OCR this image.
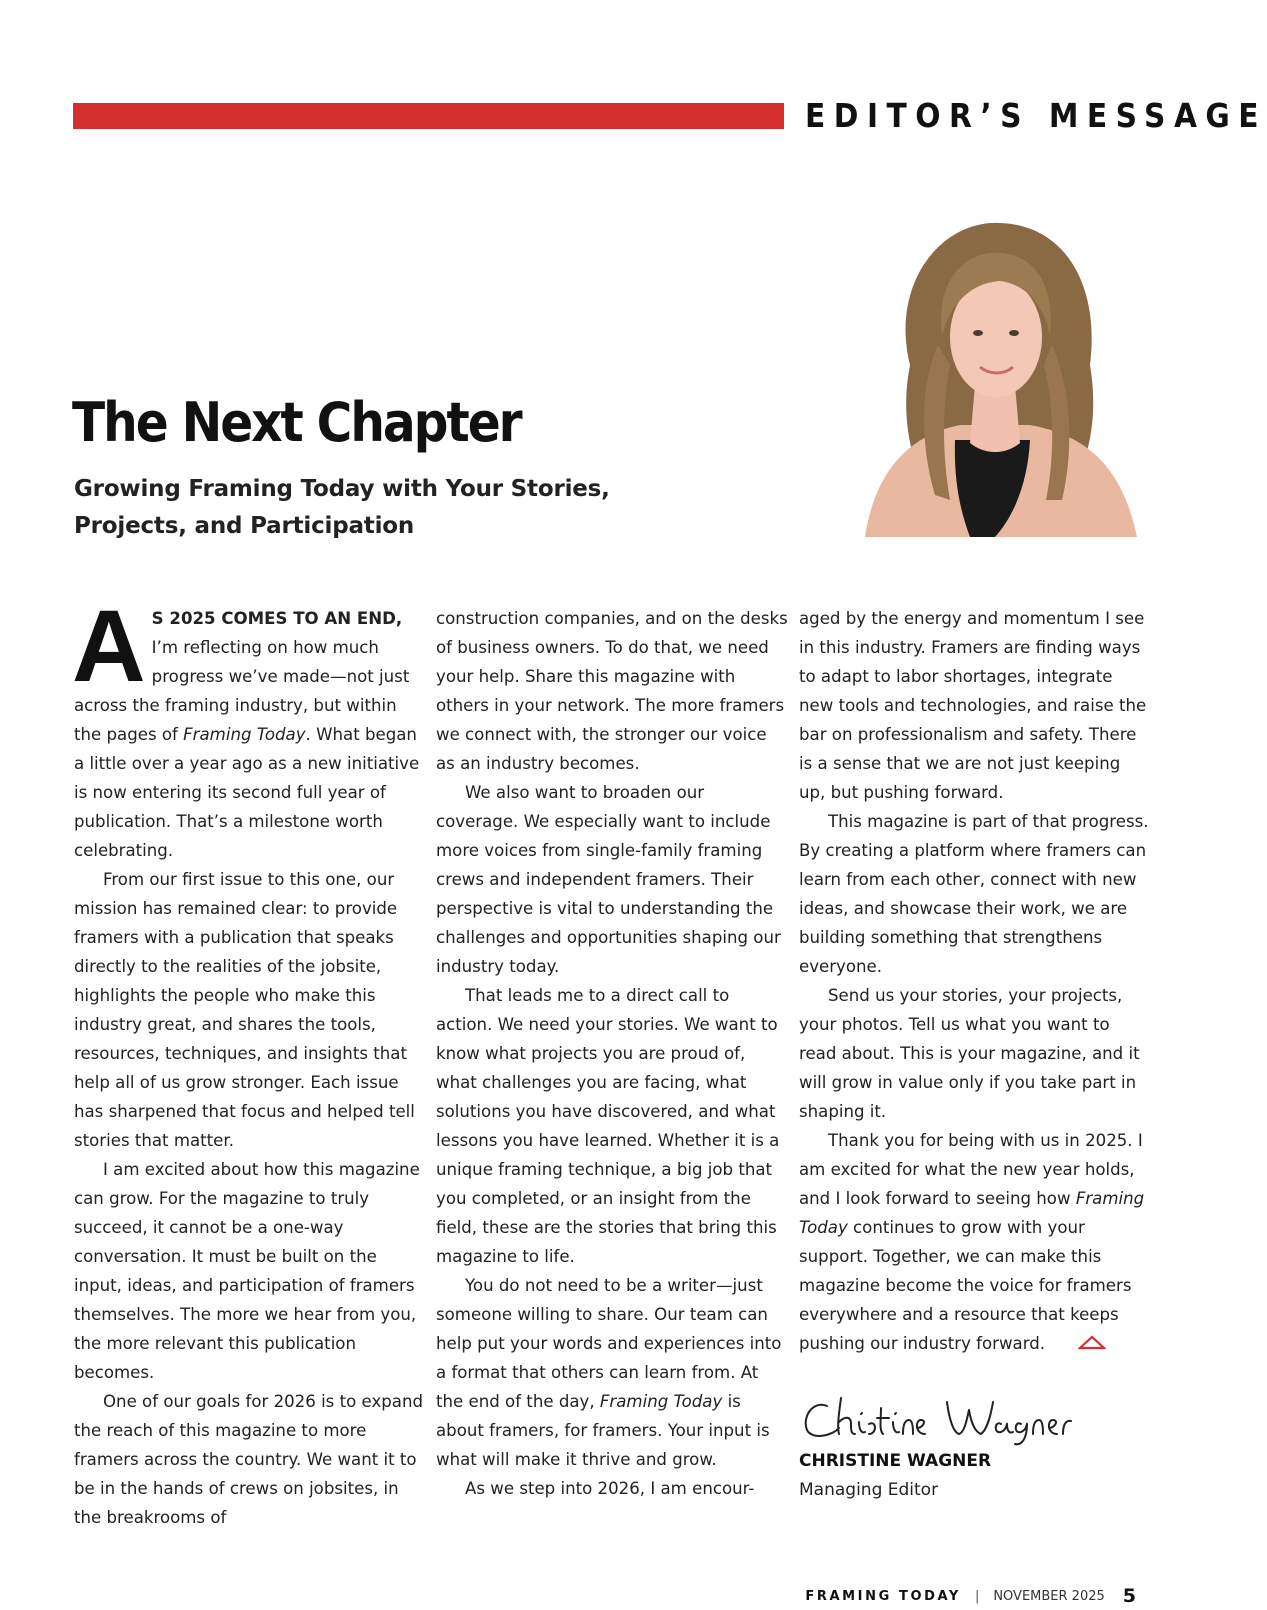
EDITOR’S MESSAGE
The Next Chapter
Growing Framing Today with Your Stories, Projects, and Participation

A S 2025 COMES TO AN END, I’m reflecting on how much progress we’ve made—not just across the framing industry, but within the pages of Framing Today. What began a little over a year ago as a new initiative is now entering its second full year of publication. That’s a milestone worth celebrating.

From our first issue to this one, our mission has remained clear: to provide framers with a publication that speaks directly to the realities of the jobsite, highlights the people who make this industry great, and shares the tools, resources, techniques, and insights that help all of us grow stronger. Each issue has sharpened that focus and helped tell stories that matter.

I am excited about how this magazine can grow. For the magazine to truly succeed, it cannot be a one-way conversation. It must be built on the input, ideas, and participation of framers themselves. The more we hear from you, the more relevant this publication becomes.

One of our goals for 2026 is to expand the reach of this magazine to more framers across the country. We want it to be in the hands of crews on jobsites, in the breakrooms of

construction companies, and on the desks of business owners. To do that, we need your help. Share this magazine with others in your network. The more framers we connect with, the stronger our voice as an industry becomes.

We also want to broaden our coverage. We especially want to include more voices from single-family framing crews and independent framers. Their perspective is vital to understanding the challenges and opportunities shaping our industry today.

That leads me to a direct call to action. We need your stories. We want to know what projects you are proud of, what challenges you are facing, what solutions you have discovered, and what lessons you have learned. Whether it is a unique framing technique, a big job that you completed, or an insight from the field, these are the stories that bring this magazine to life.

You do not need to be a writer—just someone willing to share. Our team can help put your words and experiences into a format that others can learn from. At the end of the day, Framing Today is about framers, for framers. Your input is what will make it thrive and grow.

As we step into 2026, I am encour-

aged by the energy and momentum I see in this industry. Framers are finding ways to adapt to labor shortages, integrate new tools and technologies, and raise the bar on professionalism and safety. There is a sense that we are not just keeping up, but pushing forward.

This magazine is part of that progress. By creating a platform where framers can learn from each other, connect with new ideas, and showcase their work, we are building something that strengthens everyone.

Send us your stories, your projects, your photos. Tell us what you want to read about. This is your magazine, and it will grow in value only if you take part in shaping it.

Thank you for being with us in 2025. I am excited for what the new year holds, and I look forward to seeing how Framing Today continues to grow with your support. Together, we can make this magazine become the voice for framers everywhere and a resource that keeps pushing our industry forward.

CHRISTINE WAGNER

Managing Editor

FRAMING TODAY | NOVEMBER 2025 5
